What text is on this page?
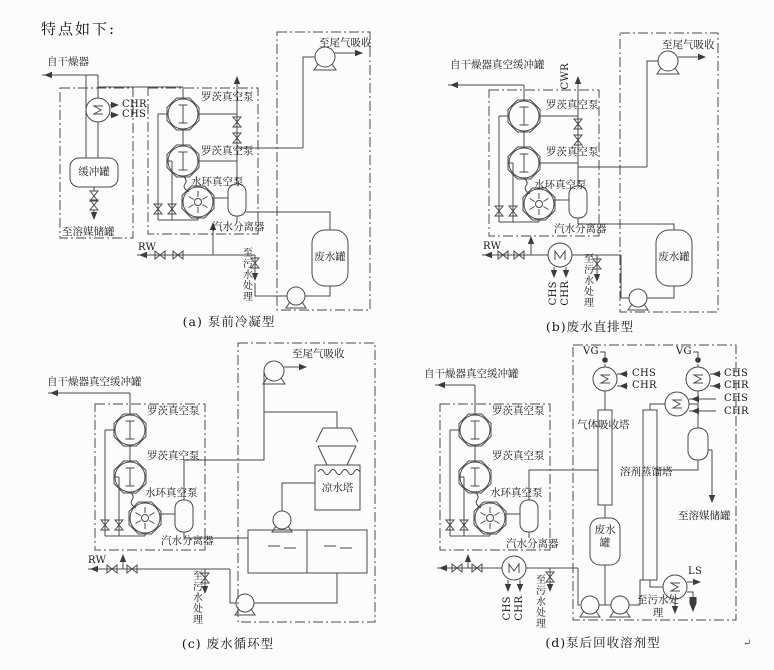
特点如下:
自干燥器
CHR
CHS
缓冲罐
至溶媒储罐
罗茨真空泵
罗茨真空泵
水环真空泵
汽水分离器
RW	至污水处理	废水罐
至尾气吸收
(a) 泵前冷凝型
自干燥器真空缓冲罐 CWR
罗茨真空泵
罗茨真空泵
水环真空泵
汽水分离器
RW
CHS CHR 至污水处理	废水罐
至尾气吸收
(b)废水直排型
自干燥器真空缓冲罐
罗茨真空泵
罗茨真空泵
水环真空泵
汽水分离器
RW
至污水处理
凉水塔
至尾气吸收
(c) 废水循环型
自干燥器真空缓冲罐
罗茨真空泵
罗茨真空泵
水环真空泵
汽水分离器
CHS CHR 至污水处理
VG	VG
CHS
CHR
CHS
CHR
CHS
CHR
气体吸收塔
溶剂蒸馏塔
废水罐
至溶媒储罐
LS
至污水处理
(d)泵后回收溶剂型	↵
